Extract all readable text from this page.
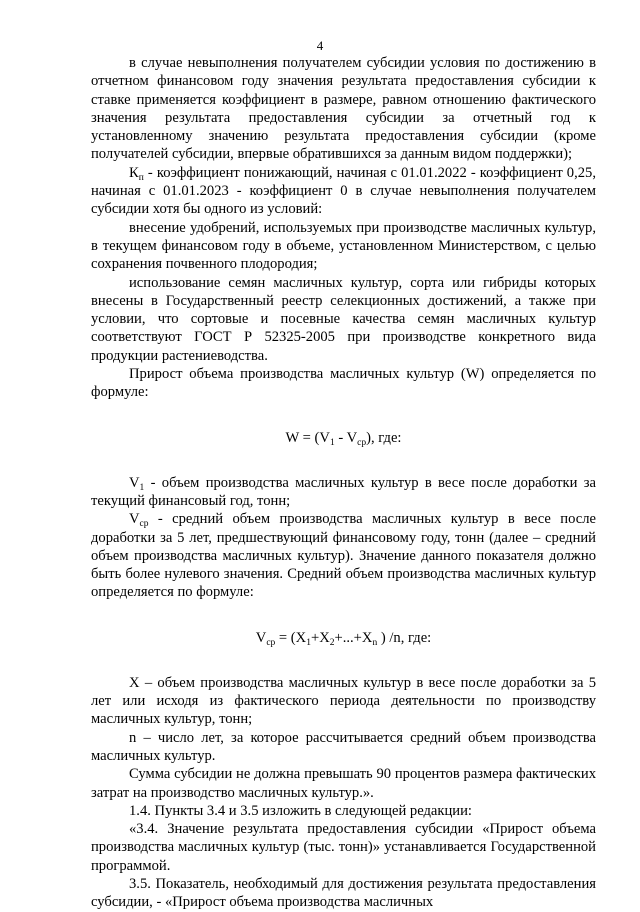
4

в случае невыполнения получателем субсидии условия по достижению в отчетном финансовом году значения результата предоставления субсидии к ставке применяется коэффициент в размере, равном отношению фактического значения результата предоставления субсидии за отчетный год к установленному значению результата предоставления субсидии (кроме получателей субсидии, впервые обратившихся за данным видом поддержки);

$К_п$ - коэффициент понижающий, начиная с 01.01.2022 - коэффициент 0,25, начиная с 01.01.2023 - коэффициент 0 в случае невыполнения получателем субсидии хотя бы одного из условий:

внесение удобрений, используемых при производстве масличных культур, в текущем финансовом году в объеме, установленном Министерством, с целью сохранения почвенного плодородия;

использование семян масличных культур, сорта или гибриды которых внесены в Государственный реестр селекционных достижений, а также при условии, что сортовые и посевные качества семян масличных культур соответствуют ГОСТ Р 52325-2005 при производстве конкретного вида продукции растениеводства.

Прирост объема производства масличных культур (W) определяется по формуле:

$W = (V_1 - V_{ср})$, где:

$V_1$ - объем производства масличных культур в весе после доработки за текущий финансовый год, тонн;

$V_{ср}$ - средний объем производства масличных культур в весе после доработки за 5 лет, предшествующий финансовому году, тонн (далее – средний объем производства масличных культур). Значение данного показателя должно быть более нулевого значения. Средний объем производства масличных культур определяется по формуле:

$V_{ср} = (X_1+X_2+...+X_n$ ) /n, где:

X – объем производства масличных культур в весе после доработки за 5 лет или исходя из фактического периода деятельности по производству масличных культур, тонн;

n – число лет, за которое рассчитывается средний объем производства масличных культур.

Сумма субсидии не должна превышать 90 процентов размера фактических затрат на производство масличных культур.».

1.4. Пункты 3.4 и 3.5 изложить в следующей редакции:

«3.4. Значение результата предоставления субсидии «Прирост объема производства масличных культур (тыс. тонн)» устанавливается Государственной программой.

3.5. Показатель, необходимый для достижения результата предоставления субсидии, - «Прирост объема производства масличных
